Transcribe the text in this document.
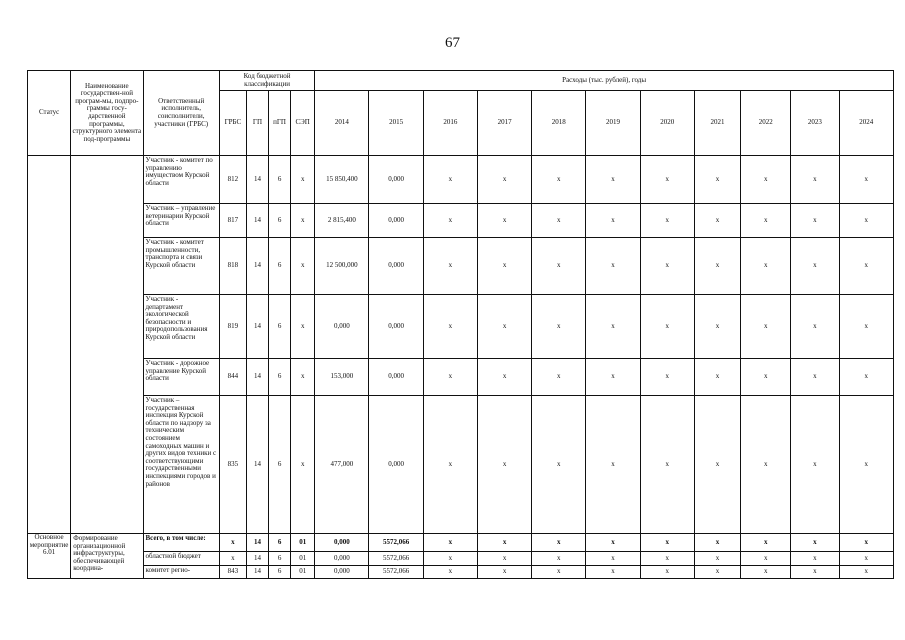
67
Статус	Наименование государствен-ной програм-мы, подпро-граммы госу-дарственной программы, структурного элемента под-программы	Ответственный исполнитель, соисполнители, участники (ГРБС)	Код бюджетной классификации				Расходы (тыс. рублей), годы										
			ГРБС	ГП	пГП	СЭП	2014	2015	2016	2017	2018	2019	2020	2021	2022	2023	2024
		Участник - комитет по управлению имуществом Курской области	812	14	6	x	15 850,400	0,000	x	x	x	x	x	x	x	x	x
		Участник – управление ветеринарии Курской области	817	14	6	x	2 815,400	0,000	x	x	x	x	x	x	x	x	x
		Участник - комитет промышленности, транспорта и связи Курской области	818	14	6	x	12 500,000	0,000	x	x	x	x	x	x	x	x	x
		Участник - департамент экологической безопасности и природопользования Курской области	819	14	6	x	0,000	0,000	x	x	x	x	x	x	x	x	x
		Участник - дорожное управление Курской области	844	14	6	x	153,000	0,000	x	x	x	x	x	x	x	x	x
		Участник – государственная инспекция Курской области по надзору за техническим состоянием самоходных машин и других видов техники с соответствующими государственными инспекциями городов и районов	835	14	6	x	477,000	0,000	x	x	x	x	x	x	x	x	x
Основное мероприятие 6.01	Формирование организационной инфраструктуры, обеспечивающей координа-	Всего, в том числе:	x	14	6	01	0,000	5572,066	x	x	x	x	x	x	x	x	x
		областной бюджет	x	14	6	01	0,000	5572,066	x	x	x	x	x	x	x	x	x
		комитет регио-	843	14	6	01	0,000	5572,066	x	x	x	x	x	x	x	x	x
